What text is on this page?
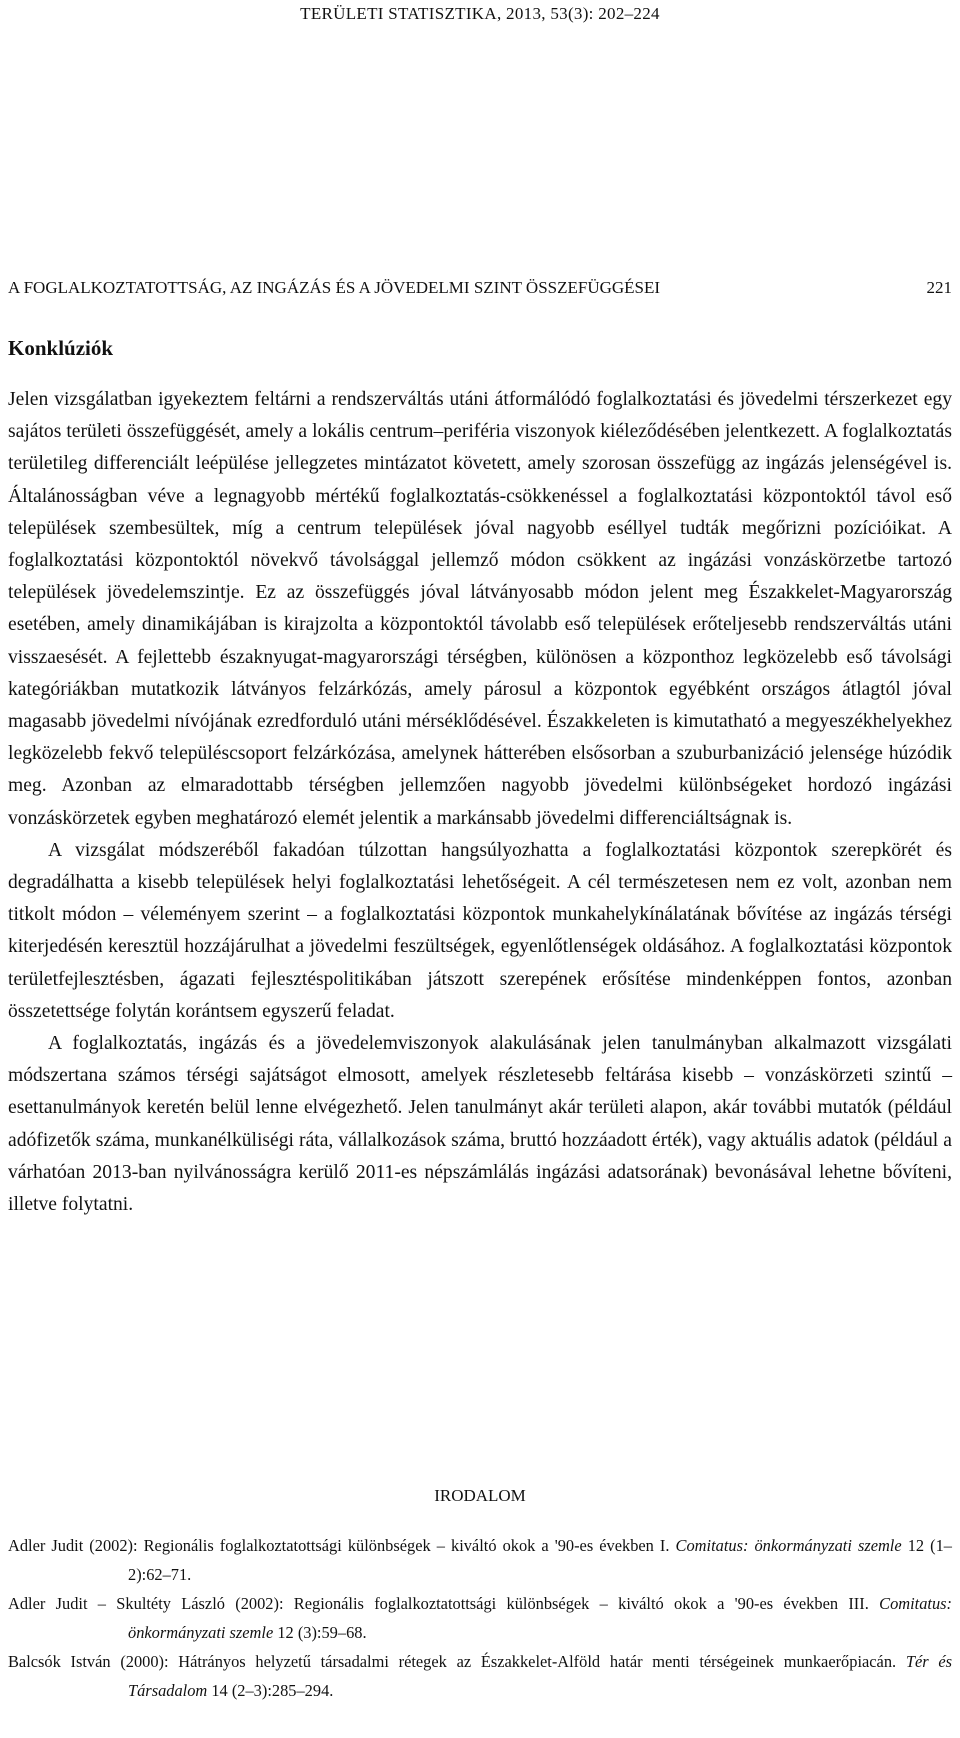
TERÜLETI STATISZTIKA, 2013, 53(3): 202–224
A FOGLALKOZTATOTTSÁG, AZ INGÁZÁS ÉS A JÖVEDELMI SZINT ÖSSZEFÜGGÉSEI	221
Konklúziók

Jelen vizsgálatban igyekeztem feltárni a rendszerváltás utáni átformálódó foglalkoztatási és jövedelmi térszerkezet egy sajátos területi összefüggését, amely a lokális centrum–periféria viszonyok kiéleződésében jelentkezett. A foglalkoztatás területileg differenciált leépülése jellegzetes mintázatot követett, amely szorosan összefügg az ingázás jelenségével is. Általánosságban véve a legnagyobb mértékű foglalkoztatás-csökkenéssel a foglalkoztatási központoktól távol eső települések szembesültek, míg a centrum települések jóval nagyobb eséllyel tudták megőrizni pozícióikat. A foglalkoztatási központoktól növekvő távolsággal jellemző módon csökkent az ingázási vonzáskörzetbe tartozó települések jövedelemszintje. Ez az összefüggés jóval látványosabb módon jelent meg Északkelet-Magyarország esetében, amely dinamikájában is kirajzolta a központoktól távolabb eső települések erőteljesebb rendszerváltás utáni visszaesését. A fejlettebb északnyugat-magyarországi térségben, különösen a központhoz legközelebb eső távolsági kategóriákban mutatkozik látványos felzárkózás, amely párosul a központok egyébként országos átlagtól jóval magasabb jövedelmi nívójának ezredforduló utáni mérséklődésével. Északkeleten is kimutatható a megyeszékhelyekhez legközelebb fekvő településcsoport felzárkózása, amelynek hátterében elsősorban a szuburbanizáció jelensége húzódik meg. Azonban az elmaradottabb térségben jellemzően nagyobb jövedelmi különbségeket hordozó ingázási vonzáskörzetek egyben meghatározó elemét jelentik a markánsabb jövedelmi differenciáltságnak is.

A vizsgálat módszeréből fakadóan túlzottan hangsúlyozhatta a foglalkoztatási központok szerepkörét és degradálhatta a kisebb települések helyi foglalkoztatási lehetőségeit. A cél természetesen nem ez volt, azonban nem titkolt módon – véleményem szerint – a foglalkoztatási központok munkahelykínálatának bővítése az ingázás térségi kiterjedésén keresztül hozzájárulhat a jövedelmi feszültségek, egyenlőtlenségek oldásához. A foglalkoztatási központok területfejlesztésben, ágazati fejlesztéspolitikában játszott szerepének erősítése mindenképpen fontos, azonban összetettsége folytán korántsem egyszerű feladat.

A foglalkoztatás, ingázás és a jövedelemviszonyok alakulásának jelen tanulmányban alkalmazott vizsgálati módszertana számos térségi sajátságot elmosott, amelyek részletesebb feltárása kisebb – vonzáskörzeti szintű – esettanulmányok keretén belül lenne elvégezhető. Jelen tanulmányt akár területi alapon, akár további mutatók (például adófizetők száma, munkanélküliségi ráta, vállalkozások száma, bruttó hozzáadott érték), vagy aktuális adatok (például a várhatóan 2013-ban nyilvánosságra kerülő 2011-es népszámlálás ingázási adatsorának) bevonásával lehetne bővíteni, illetve folytatni.

IRODALOM
Adler Judit (2002): Regionális foglalkoztatottsági különbségek – kiváltó okok a '90-es években I. Comitatus: önkormányzati szemle 12 (1–2):62–71.
Adler Judit – Skultéty László (2002): Regionális foglalkoztatottsági különbségek – kiváltó okok a '90-es években III. Comitatus: önkormányzati szemle 12 (3):59–68.
Balcsók István (2000): Hátrányos helyzetű társadalmi rétegek az Északkelet-Alföld határ menti térségeinek munkaerőpiacán. Tér és Társadalom 14 (2–3):285–294.
